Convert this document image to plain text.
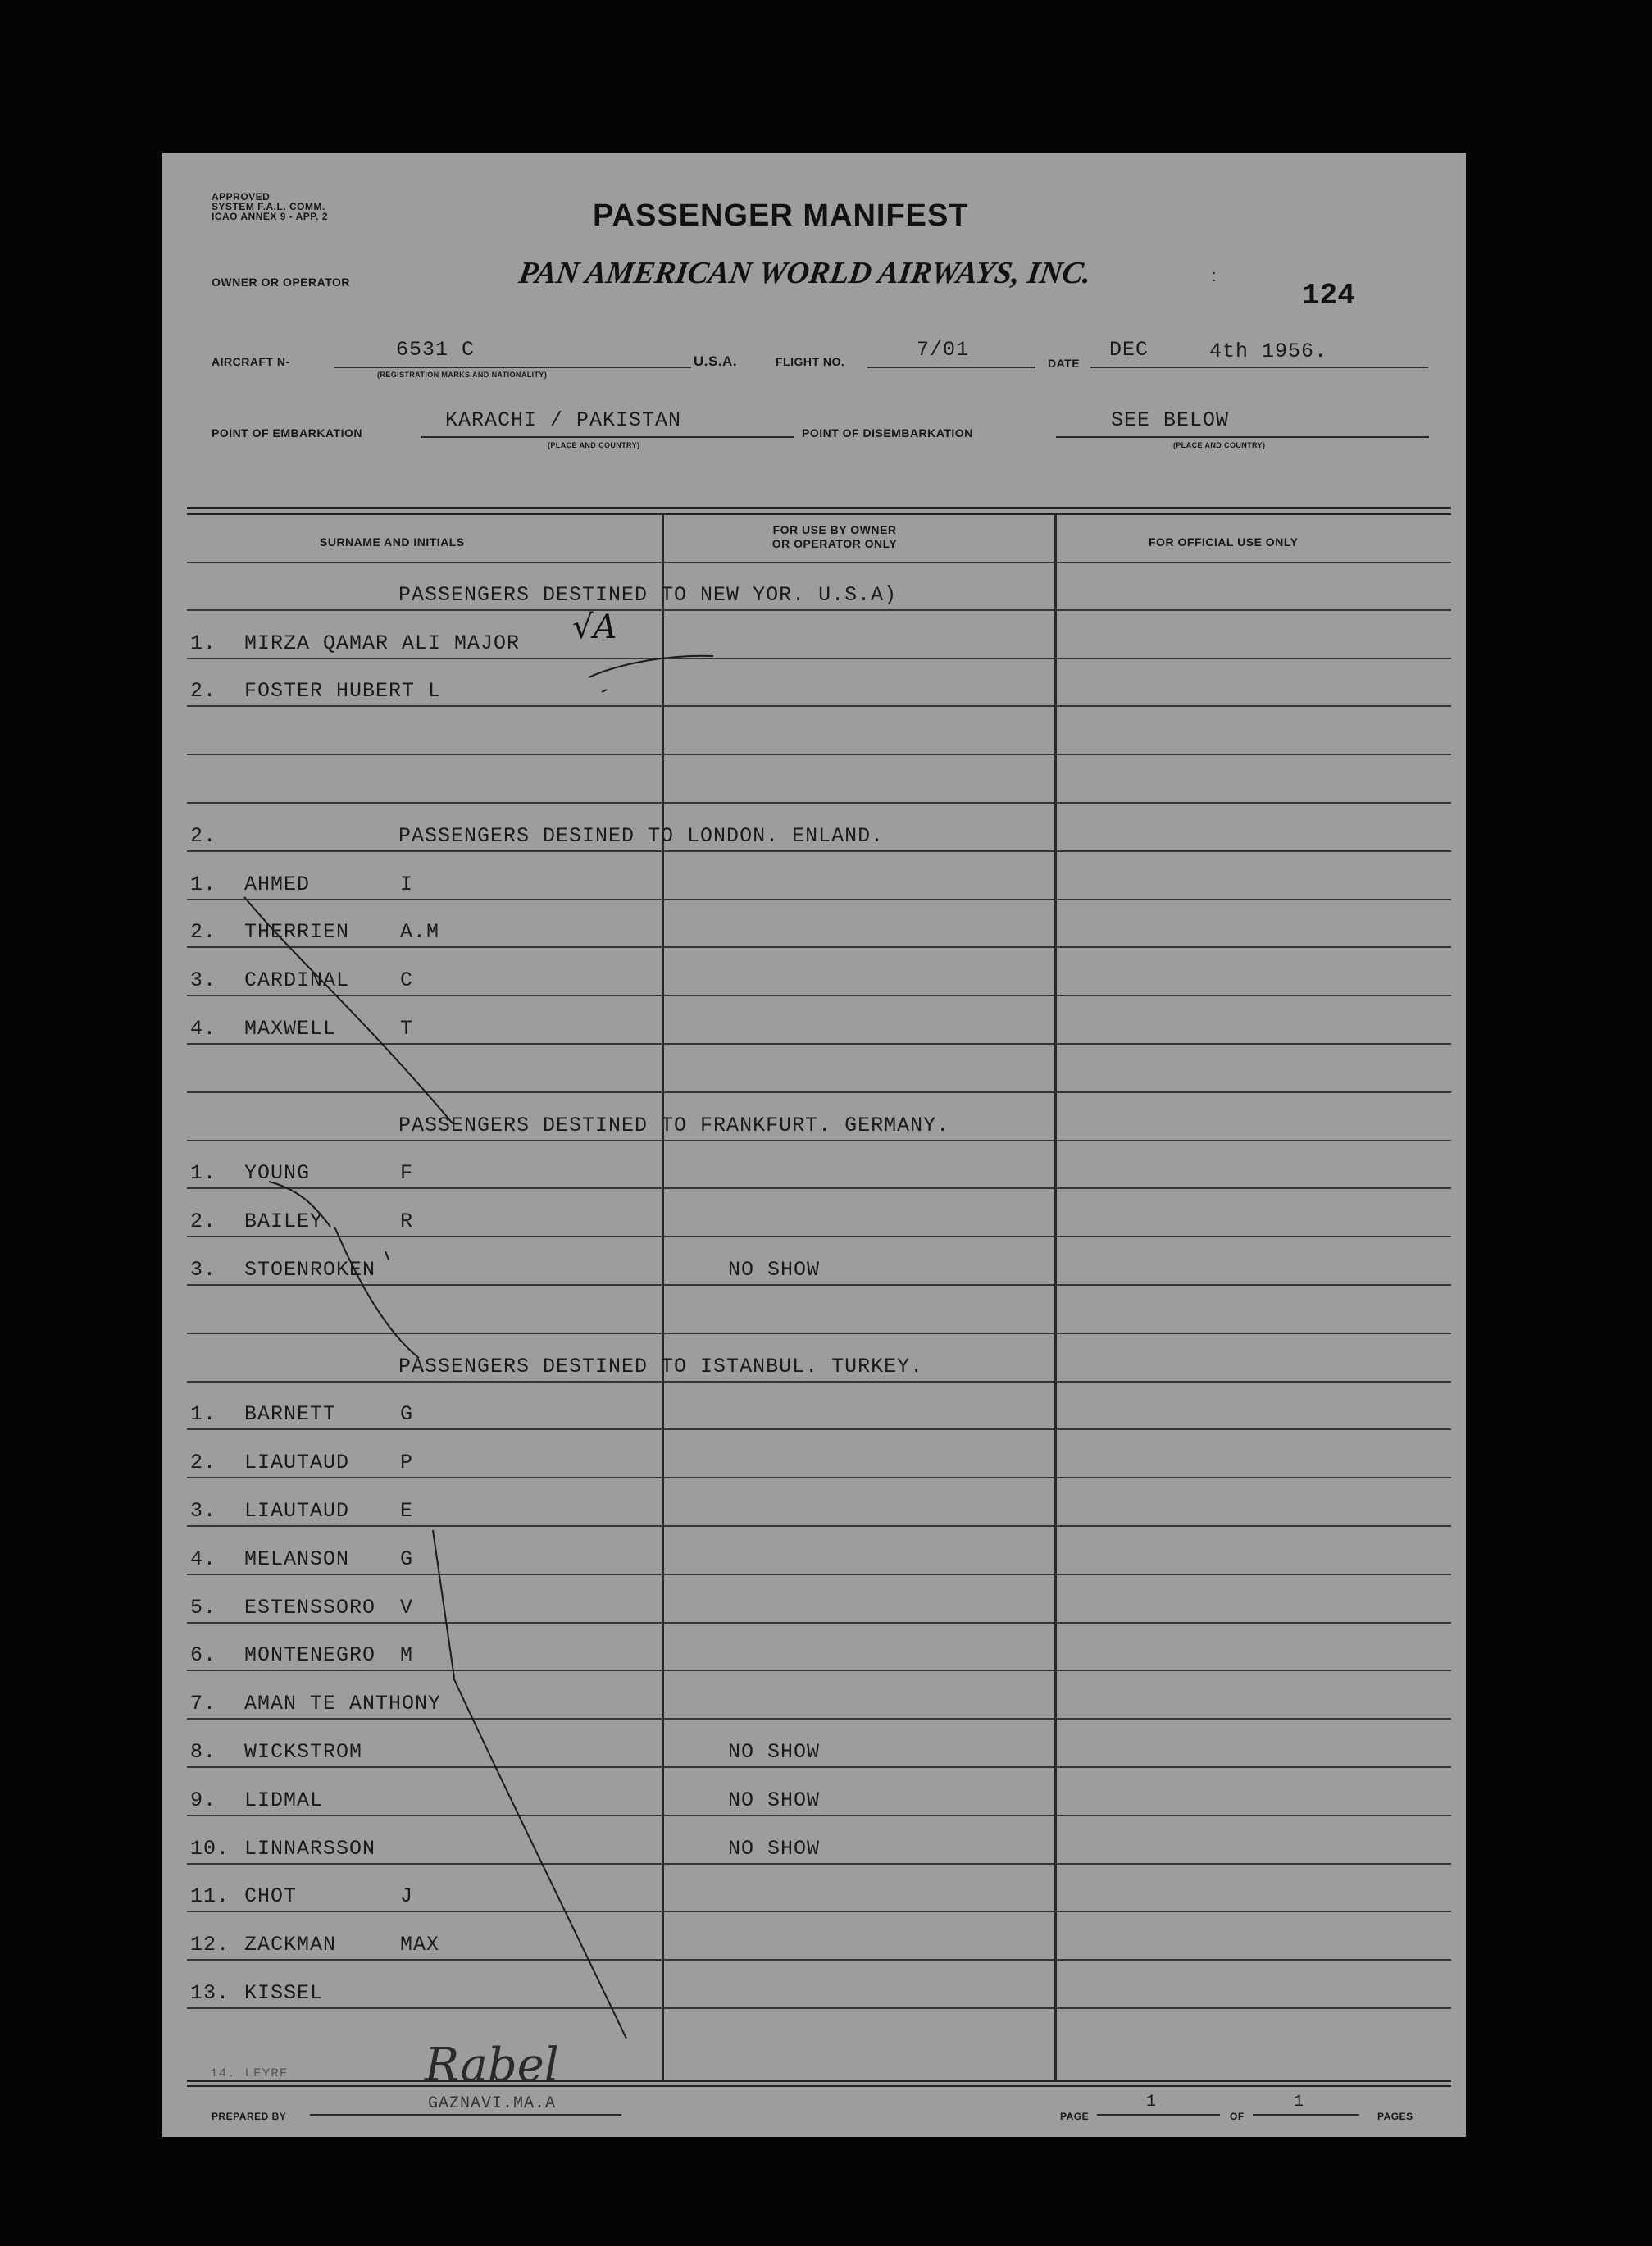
APPROVED
SYSTEM F.A.L. COMM.
ICAO ANNEX 9 - APP. 2	PASSENGER MANIFEST
OWNER OR OPERATOR	PAN AMERICAN WORLD AIRWAYS, INC.	:
124
AIRCRAFT N-	6531 C
(REGISTRATION MARKS AND NATIONALITY)
U.S.A.	FLIGHT NO.	7/01
DATE
DEC	4th 1956.
POINT OF EMBARKATION
KARACHI / PAKISTAN
(PLACE AND COUNTRY)
POINT OF DISEMBARKATION
SEE BELOW
(PLACE AND COUNTRY)
SURNAME AND INITIALS
FOR USE BY OWNER
OR OPERATOR ONLY	FOR OFFICIAL USE ONLY
PASSENGERS DESTINED TO NEW YOR. U.S.A)
1. MIRZA QAMAR ALI MAJOR
2. FOSTER HUBERT L
2.	PASSENGERS DESINED TO LONDON. ENLAND.
1. AHMED	I
2. THERRIEN A.M
3. CARDINAL C
4. MAXWELL	T
PASSENGERS DESTINED TO FRANKFURT. GERMANY.
1. YOUNG	F
2. BAILEY	R
3. STOENROKEN	NO SHOW
PASSENGERS DESTINED TO ISTANBUL. TURKEY.
1. BARNETT	G
2. LIAUTAUD P
3. LIAUTAUD E
4. MELANSON G
5. ESTENSSORO V
6. MONTENEGRO M
7. AMAN TE ANTHONY
8. WICKSTROM	NO SHOW
9. LIDMAL	NO SHOW
10. LINNARSSON	NO SHOW
11. CHOT	J
12. ZACKMAN	MAX
13. KISSEL
√A
14. LEYRE
PREPARED BY
Rabel
GAZNAVI.MA.A
PAGE
1
OF
1
PAGES
